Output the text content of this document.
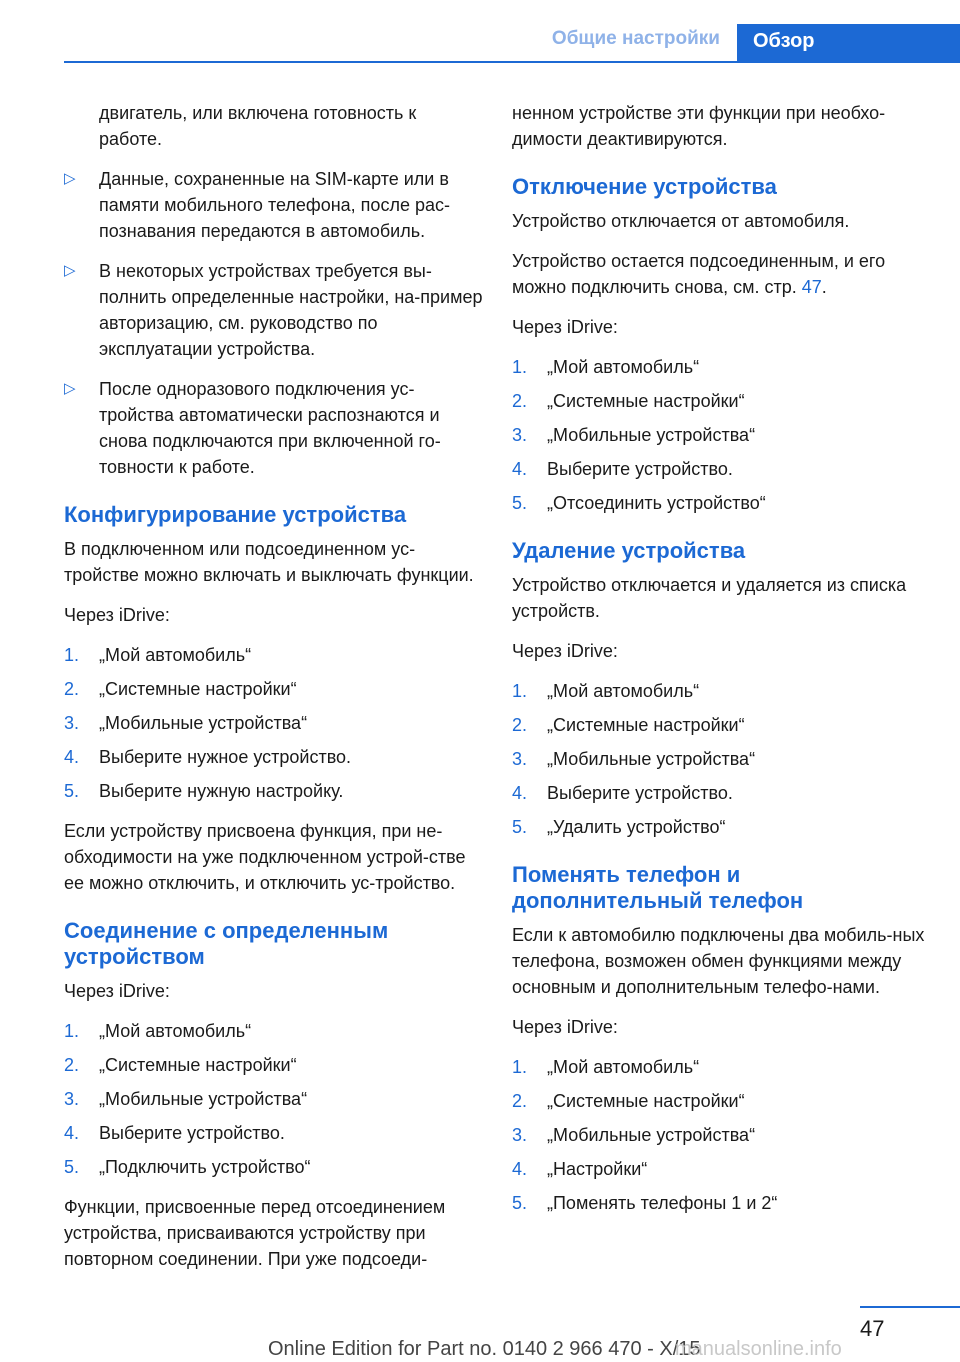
Общие настройки	Обзор

двигатель, или включена готовность к работе.

▷ Данные, сохраненные на SIM-карте или в памяти мобильного телефона, после рас-познавания передаются в автомобиль.
▷ В некоторых устройствах требуется вы-полнить определенные настройки, на-пример авторизацию, см. руководство по эксплуатации устройства.
▷ После одноразового подключения ус-тройства автоматически распознаются и снова подключаются при включенной го-товности к работе.
Конфигурирование устройства

В подключенном или подсоединенном ус-тройстве можно включать и выключать функции.

Через iDrive:

1. „Мой автомобиль“
2. „Системные настройки“
3. „Мобильные устройства“
4. Выберите нужное устройство.
5. Выберите нужную настройку.

Если устройству присвоена функция, при не-обходимости на уже подключенном устрой-стве ее можно отключить, и отключить ус-тройство.

Соединение с определенным устройством

Через iDrive:

1. „Мой автомобиль“
2. „Системные настройки“
3. „Мобильные устройства“
4. Выберите устройство.
5. „Подключить устройство“

Функции, присвоенные перед отсоединением устройства, присваиваются устройству при повторном соединении. При уже подсоеди-

ненном устройстве эти функции при необхо-димости деактивируются.

Отключение устройства

Устройство отключается от автомобиля.

Устройство остается подсоединенным, и его можно подключить снова, см. стр. 47.

Через iDrive:

1. „Мой автомобиль“
2. „Системные настройки“
3. „Мобильные устройства“
4. Выберите устройство.
5. „Отсоединить устройство“
Удаление устройства

Устройство отключается и удаляется из списка устройств.

Через iDrive:

1. „Мой автомобиль“
2. „Системные настройки“
3. „Мобильные устройства“
4. Выберите устройство.
5. „Удалить устройство“
Поменять телефон и дополнительный телефон

Если к автомобилю подключены два мобиль-ных телефона, возможен обмен функциями между основным и дополнительным телефо-нами.

Через iDrive:

1. „Мой автомобиль“
2. „Системные настройки“
3. „Мобильные устройства“
4. „Настройки“
5. „Поменять телефоны 1 и 2“
47
Online Edition for Part no. 0140 2 966 470 - X/15
manualsonline.info
